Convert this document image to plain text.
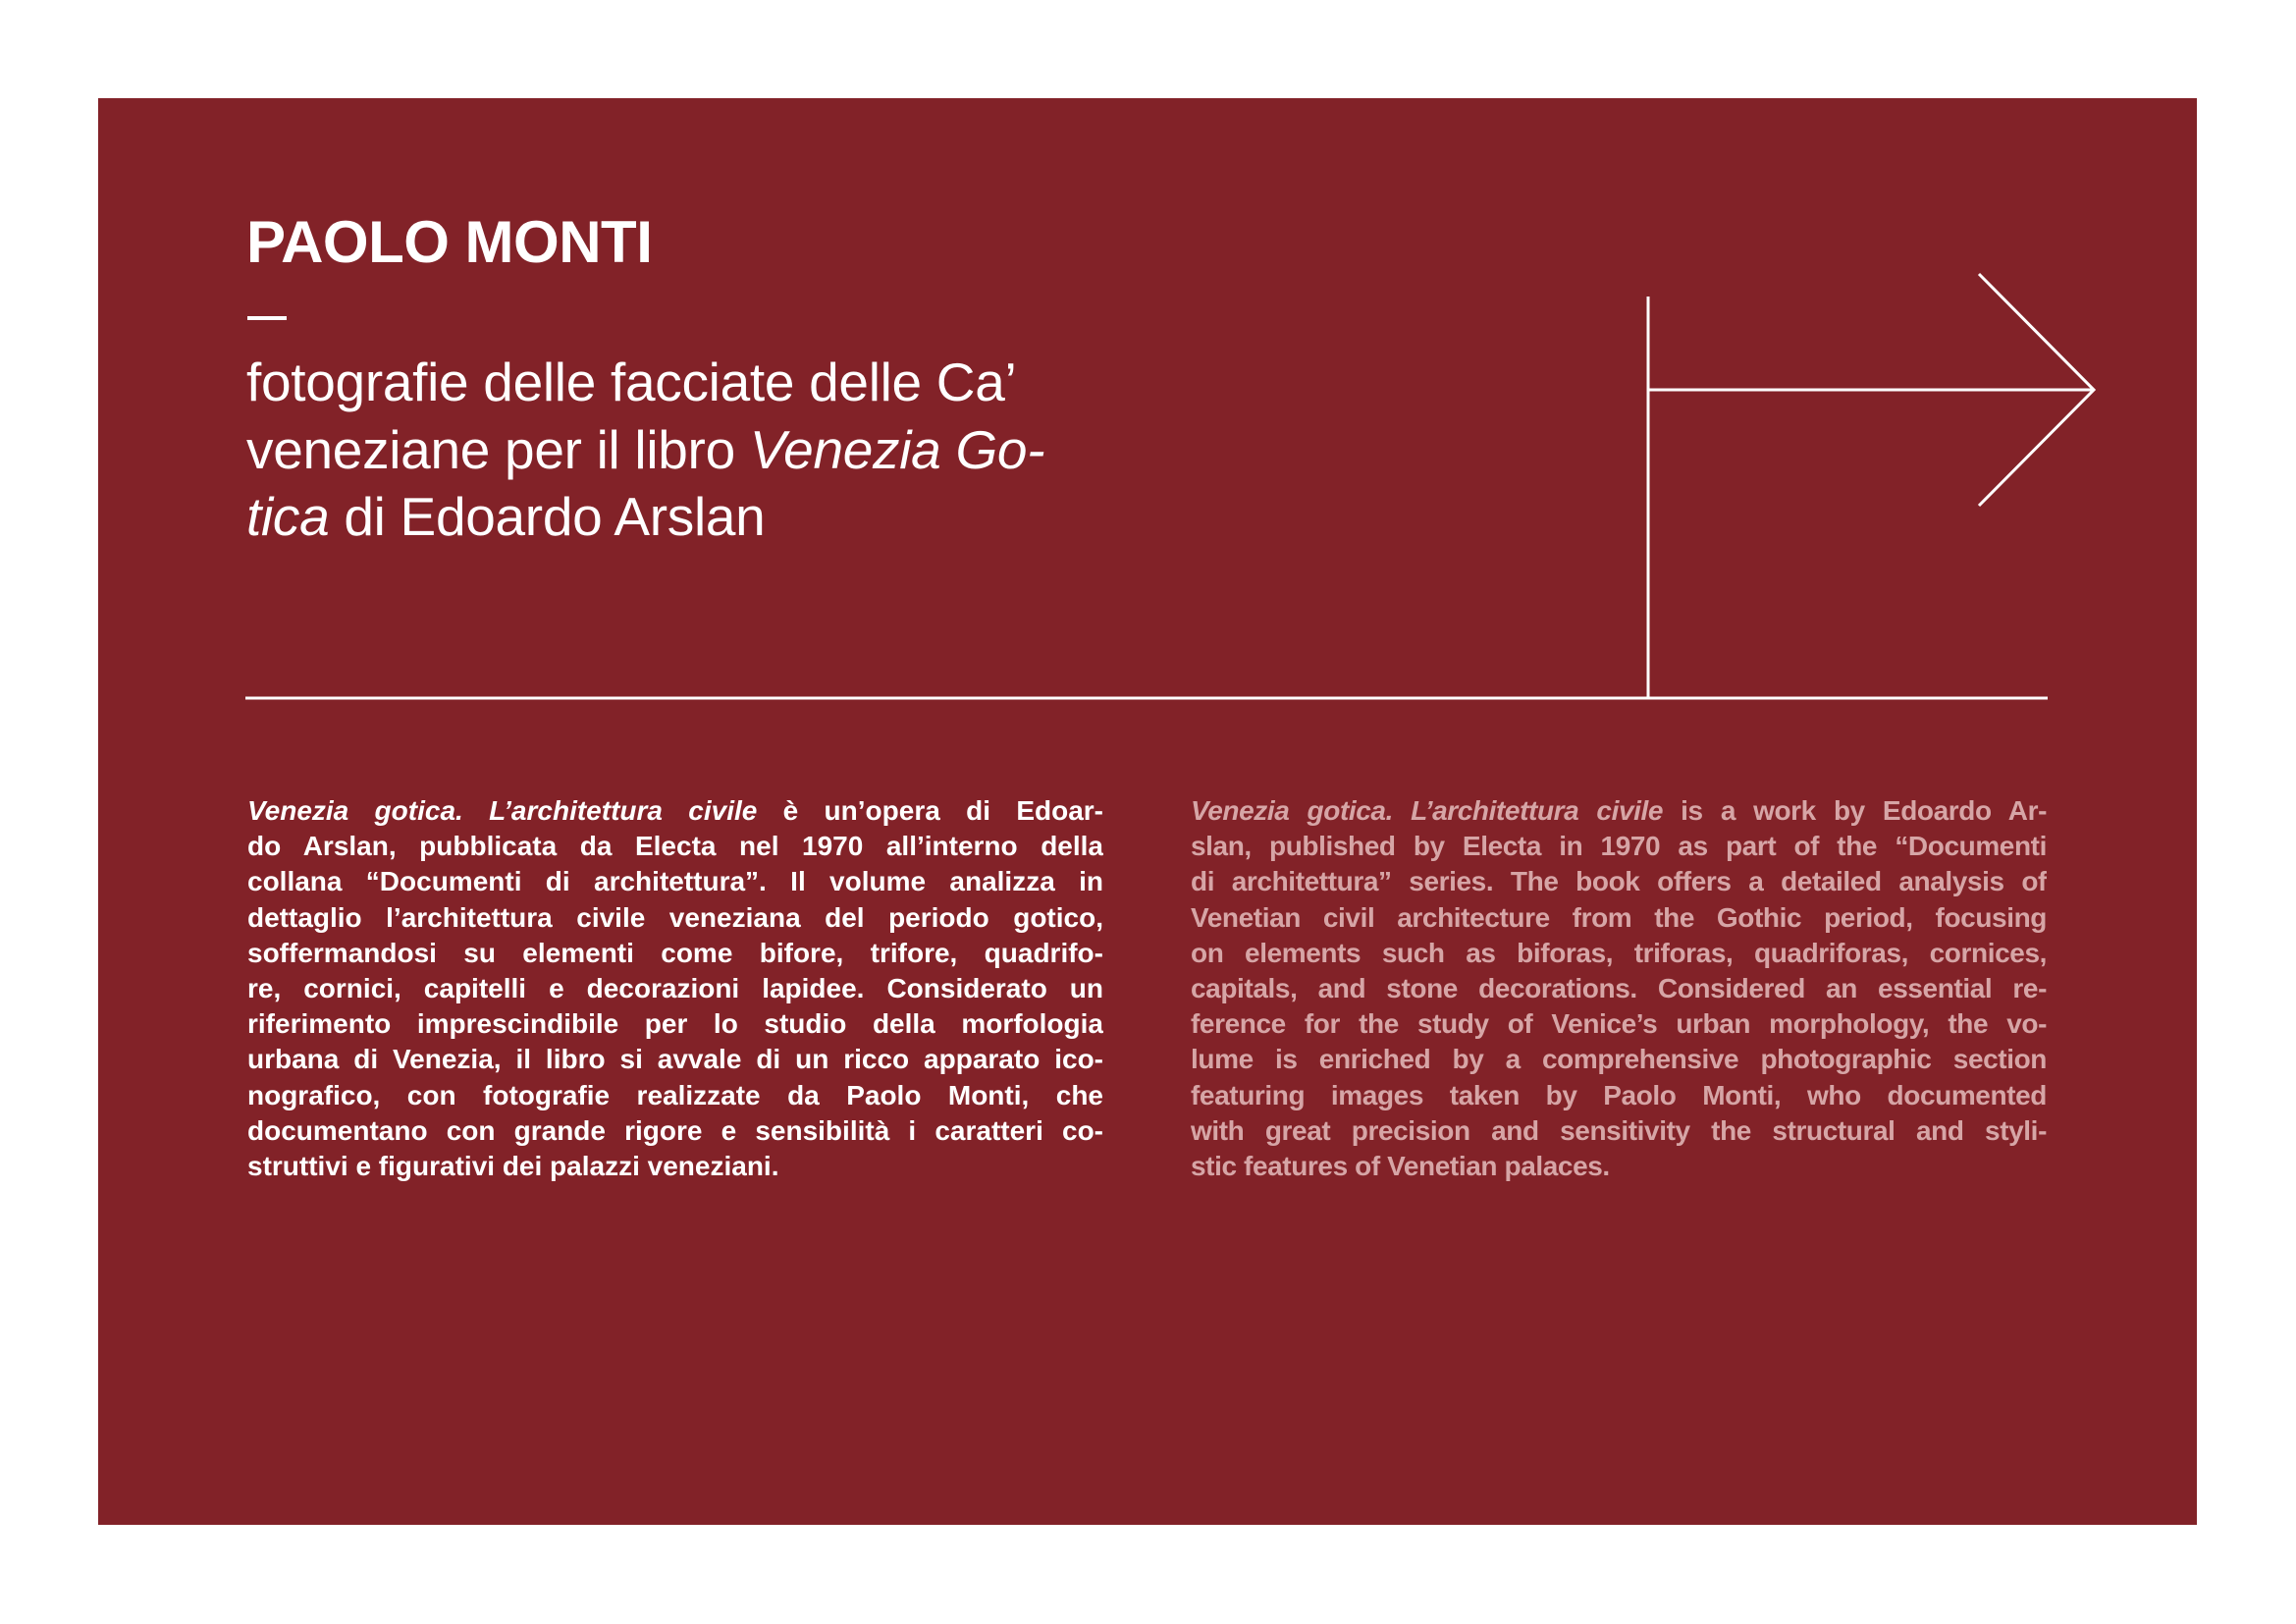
PAOLO MONTI
fotografie delle facciate delle Ca’
veneziane per il libro Venezia Go-
tica di Edoardo Arslan
Venezia gotica. L’architettura civile è un’opera di Edoar-
do Arslan, pubblicata da Electa nel 1970 all’interno della
collana “Documenti di architettura”. Il volume analizza in
dettaglio l’architettura civile veneziana del periodo gotico,
soffermandosi su elementi come bifore, trifore, quadrifo-
re, cornici, capitelli e decorazioni lapidee. Considerato un
riferimento imprescindibile per lo studio della morfologia
urbana di Venezia, il libro si avvale di un ricco apparato ico-
nografico, con fotografie realizzate da Paolo Monti, che
documentano con grande rigore e sensibilità i caratteri co-
struttivi e figurativi dei palazzi veneziani.
Venezia gotica. L’architettura civile is a work by Edoardo Ar-
slan, published by Electa in 1970 as part of the “Documenti
di architettura” series. The book offers a detailed analysis of
Venetian civil architecture from the Gothic period, focusing
on elements such as biforas, triforas, quadriforas, cornices,
capitals, and stone decorations. Considered an essential re-
ference for the study of Venice’s urban morphology, the vo-
lume is enriched by a comprehensive photographic section
featuring images taken by Paolo Monti, who documented
with great precision and sensitivity the structural and styli-
stic features of Venetian palaces.
